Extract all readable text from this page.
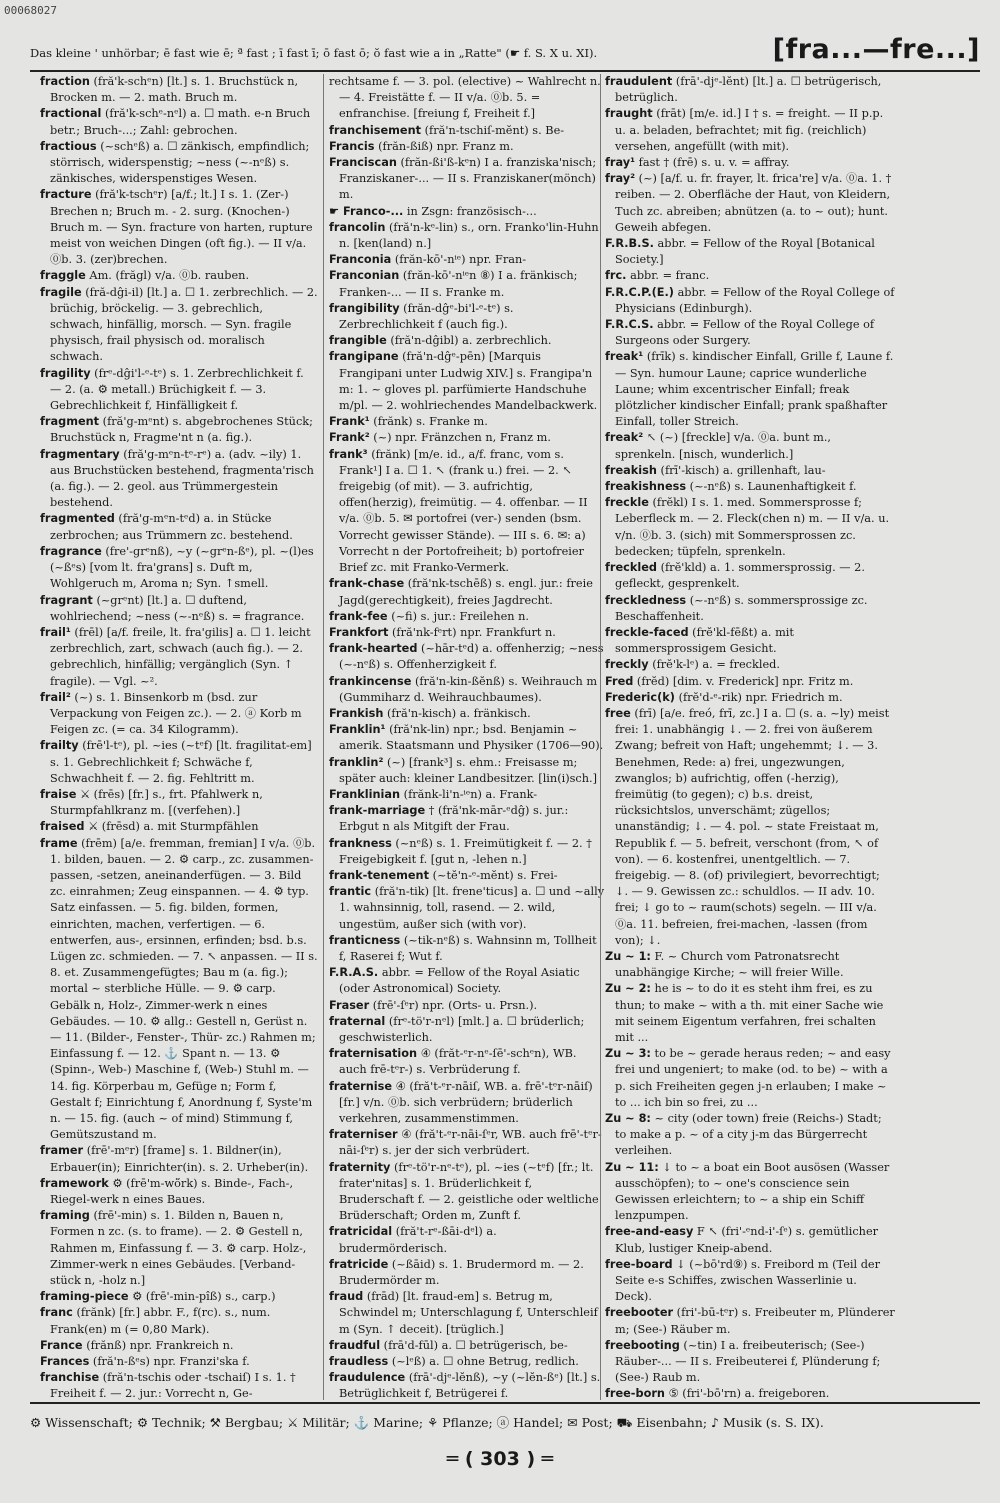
00068027
Das kleine ' unhörbar; ē fast wie ē; ª fast ; ī fast ī; ō fast ō; ŏ fast wie a in „Ratte" (☛ f. S. X u. XI).	[fra...—fre...]

fraction (fră'k-schᵉn) [lt.] s. 1. Bruchstück n, Brocken m. — 2. math. Bruch m.

fractional (fră'k-schᵉ-nᵉl) a. ☐ math. e-n Bruch betr.; Bruch-...; Zahl: gebrochen.

fractious (~schᵉß) a. ☐ zänkisch, empfindlich; störrisch, widerspenstig; ~ness (~-nᵉß) s. zänkisches, widerspenstiges Wesen.

fracture (fră'k-tschᵉr) [a/f.; lt.] I s. 1. (Zer-) Brechen n; Bruch m. - 2. surg. (Knochen-) Bruch m. — Syn. fracture von harten, rupture meist von weichen Dingen (oft fig.). — II v/a. ⓪b. 3. (zer)brechen.

fraggle Am. (frăgl) v/a. ⓪b. rauben.

fragile (fră-dĝi-il) [lt.] a. ☐ 1. zerbrechlich. — 2. brüchig, bröckelig. — 3. gebrechlich, schwach, hinfällig, morsch. — Syn. fragile physisch, frail physisch od. moralisch schwach.

fragility (frᵉ-dĝi'l-ᵉ-tᵉ) s. 1. Zerbrechlichkeit f. — 2. (a. ⚙ metall.) Brüchigkeit f. — 3. Gebrechlichkeit f, Hinfälligkeit f.

fragment (fră'g-mᵉnt) s. abgebrochenes Stück; Bruchstück n, Fragme'nt n (a. fig.).

fragmentary (fră'g-mᵉn-tᵉ-rᵉ) a. (adv. ~ily) 1. aus Bruchstücken bestehend, fragmenta'risch (a. fig.). — 2. geol. aus Trümmergestein bestehend.

fragmented (fră'g-mᵉn-tᵉd) a. in Stücke zerbrochen; aus Trümmern zc. bestehend.

fragrance (fre'-grᵉnß), ~y (~grᵉn-ßᵉ), pl. ~(l)es (~ßᵉs) [vom lt. fra'grans] s. Duft m, Wohlgeruch m, Aroma n; Syn. ↑smell.

fragrant (~grᵉnt) [lt.] a. ☐ duftend, wohlriechend; ~ness (~-nᵉß) s. = fragrance.

frail¹ (frēl) [a/f. freile, lt. fra'gilis] a. ☐ 1. leicht zerbrechlich, zart, schwach (auch fig.). — 2. gebrechlich, hinfällig; vergänglich (Syn. ↑ fragile). — Vgl. ~².

frail² (~) s. 1. Binsenkorb m (bsd. zur Verpackung von Feigen zc.). — 2. ⓐ Korb m Feigen zc. (= ca. 34 Kilogramm).

frailty (frē'l-tᵉ), pl. ~ies (~tᵉf) [lt. fragilitat-em] s. 1. Gebrechlichkeit f; Schwäche f, Schwachheit f. — 2. fig. Fehltritt m.

fraise ⚔ (frēs) [fr.] s., frt. Pfahlwerk n, Sturmpfahlkranz m. [(verfehen).]

fraised ⚔ (frēsd) a. mit Sturmpfählen

frame (frēm) [a/e. fremman, fremian] I v/a. ⓪b. 1. bilden, bauen. — 2. ⚙ carp., zc. zusammen-passen, -setzen, aneinanderfügen. — 3. Bild zc. einrahmen; Zeug einspannen. — 4. ⚙ typ. Satz einfassen. — 5. fig. bilden, formen, einrichten, machen, verfertigen. — 6. entwerfen, aus-, ersinnen, erfinden; bsd. b.s. Lügen zc. schmieden. — 7. ↖ anpassen. — II s. 8. et. Zusammengefügtes; Bau m (a. fig.); mortal ~ sterbliche Hülle. — 9. ⚙ carp. Gebälk n, Holz-, Zimmer-werk n eines Gebäudes. — 10. ⚙ allg.: Gestell n, Gerüst n. — 11. (Bilder-, Fenster-, Thür- zc.) Rahmen m; Einfassung f. — 12. ⚓ Spant n. — 13. ⚙ (Spinn-, Web-) Maschine f, (Web-) Stuhl m. — 14. fig. Körperbau m, Gefüge n; Form f, Gestalt f; Einrichtung f, Anordnung f, Syste'm n. — 15. fig. (auch ~ of mind) Stimmung f, Gemütszustand m.

framer (frē'-mᵉr) [frame] s. 1. Bildner(in), Erbauer(in); Einrichter(in). s. 2. Urheber(in).

framework ⚙ (frē'm-wö̆rk) s. Binde-, Fach-, Riegel-werk n eines Baues.

framing (frē'-min) s. 1. Bilden n, Bauen n, Formen n zc. (s. to frame). — 2. ⚙ Gestell n, Rahmen m, Einfassung f. — 3. ⚙ carp. Holz-, Zimmer-werk n eines Gebäudes. [Verband-stück n, -holz n.]

framing-piece ⚙ (frē'-min-pîß) s., carp.)

franc (frănk) [fr.] abbr. F., f(rc). s., num. Frank(en) m (= 0,80 Mark).

France (frănß) npr. Frankreich n.

Frances (fră'n-ßᵉs) npr. Franzi'ska f.

franchise (fră'n-tschis oder -tschaiſ) I s. 1. † Freiheit f. — 2. jur.: Vorrecht n, Ge-

rechtsame f. — 3. pol. (elective) ~ Wahlrecht n. — 4. Freistätte f. — II v/a. ⓪b. 5. = enfranchise. [freiung f, Freiheit f.]

franchisement (fră'n-tschiſ-mĕnt) s. Be-

Francis (frăn-ßiß) npr. Franz m.

Franciscan (frăn-ßi'ß-kᵉn) I a. franziska'nisch; Franziskaner-... — II s. Franziskaner(mönch) m.

☛ Franco-... in Zsgn: französisch-...

francolin (fră'n-kᵉ-lin) s., orn. Franko'lin-Huhn n. [ken(land) n.]

Franconia (frăn-kō'-nⁱᵉ) npr. Fran-

Franconian (frăn-kō'-nⁱᵉn ⑧) I a. fränkisch; Franken-... — II s. Franke m.

frangibility (frăn-dĝᵉ-bi'l-ᵉ-tᵉ) s. Zerbrechlichkeit f (auch fig.).

frangible (fră'n-dĝibl) a. zerbrechlich.

frangipane (fră'n-dĝᵉ-pēn) [Marquis Frangipani unter Ludwig XIV.] s. Frangipa'n m: 1. ~ gloves pl. parfümierte Handschuhe m/pl. — 2. wohlriechendes Mandelbackwerk.

Frank¹ (frănk) s. Franke m.

Frank² (~) npr. Fränzchen n, Franz m.

frank³ (frănk) [m/e. id., a/f. franc, vom s. Frank¹] I a. ☐ 1. ↖ (frank u.) frei. — 2. ↖ freigebig (of mit). — 3. aufrichtig, offen(herzig), freimütig. — 4. offenbar. — II v/a. ⓪b. 5. ✉ portofrei (ver-) senden (bsm. Vorrecht gewisser Stände). — III s. 6. ✉: a) Vorrecht n der Portofreiheit; b) portofreier Brief zc. mit Franko-Vermerk.

frank-chase (fră'nk-tschēß) s. engl. jur.: freie Jagd(gerechtigkeit), freies Jagdrecht.

frank-fee (~fi) s. jur.: Freilehen n.

Frankfort (fră'nk-fᵉrt) npr. Frankfurt n.

frank-hearted (~hār-tᵉd) a. offenherzig; ~ness (~-nᵉß) s. Offenherzigkeit f.

frankincense (fră'n-kin-ßĕnß) s. Weihrauch m (Gummiharz d. Weihrauchbaumes).

Frankish (fră'n-kisch) a. fränkisch.

Franklin¹ (fră'nk-lin) npr.; bsd. Benjamin ~ amerik. Staatsmann und Physiker (1706—90).

franklin² (~) [frank³] s. ehm.: Freisasse m; später auch: kleiner Landbesitzer. [lin(i)sch.]

Franklinian (frănk-li'n-ⁱᵉn) a. Frank-

frank-marriage † (fră'nk-mār-ᵉdĝ) s. jur.: Erbgut n als Mitgift der Frau.

frankness (~nᵉß) s. 1. Freimütigkeit f. — 2. † Freigebigkeit f. [gut n, -lehen n.]

frank-tenement (~tĕ'n-ᵉ-mĕnt) s. Frei-

frantic (fră'n-tik) [lt. frene'ticus] a. ☐ und ~ally 1. wahnsinnig, toll, rasend. — 2. wild, ungestüm, außer sich (with vor).

franticness (~tik-nᵉß) s. Wahnsinn m, Tollheit f, Raserei f; Wut f.

F.R.A.S. abbr. = Fellow of the Royal Asiatic (oder Astronomical) Society.

Fraser (frē'-ſᵉr) npr. (Orts- u. Prsn.).

fraternal (frᵉ-tö'r-nᵉl) [mlt.] a. ☐ brüderlich; geschwisterlich.

fraternisation ④ (frăt-ᵉr-nᵉ-ſē'-schᵉn), WB. auch frē-tᵉr-) s. Verbrüderung f.

fraternise ④ (fră't-ᵉr-nāiſ, WB. a. frē'-tᵉr-nāiſ) [fr.] v/n. ⓪b. sich verbrüdern; brüderlich verkehren, zusammenstimmen.

fraterniser ④ (fră't-ᵉr-nāi-ſᵉr, WB. auch frē'-tᵉr-nāi-ſᵉr) s. jer der sich verbrüdert.

fraternity (frᵉ-tö'r-nᵉ-tᵉ), pl. ~ies (~tᵉf) [fr.; lt. frater'nitas] s. 1. Brüderlichkeit f, Bruderschaft f. — 2. geistliche oder weltliche Brüderschaft; Orden m, Zunft f.

fratricidal (fră't-rᵉ-ßāi-dᵉl) a. brudermörderisch.

fratricide (~ßāid) s. 1. Brudermord m. — 2. Brudermörder m.

fraud (frād) [lt. fraud-em] s. Betrug m, Schwindel m; Unterschlagung f, Unterschleif m (Syn. ↑ deceit). [trüglich.]

fraudful (frā'd-fūl) a. ☐ betrügerisch, be-

fraudless (~lᵉß) a. ☐ ohne Betrug, redlich.

fraudulence (frā'-djᵉ-lĕnß), ~y (~lĕn-ßᵉ) [lt.] s. Betrüglichkeit f, Betrügerei f.

fraudulent (frā'-djᵉ-lĕnt) [lt.] a. ☐ betrügerisch, betrüglich.

fraught (frāt) [m/e. id.] I † s. = freight. — II p.p. u. a. beladen, befrachtet; mit fig. (reichlich) versehen, angefüllt (with mit).

fray¹ fast † (frē) s. u. v. = affray.

fray² (~) [a/f. u. fr. frayer, lt. frica're] v/a. ⓪a. 1. † reiben. — 2. Oberfläche der Haut, von Kleidern, Tuch zc. abreiben; abnützen (a. to ~ out); hunt. Geweih abfegen.

F.R.B.S. abbr. = Fellow of the Royal [Botanical Society.]

frc. abbr. = franc.

F.R.C.P.(E.) abbr. = Fellow of the Royal College of Physicians (Edinburgh).

F.R.C.S. abbr. = Fellow of the Royal College of Surgeons oder Surgery.

freak¹ (frīk) s. kindischer Einfall, Grille f, Laune f. — Syn. humour Laune; caprice wunderliche Laune; whim excentrischer Einfall; freak plötzlicher kindischer Einfall; prank spaßhafter Einfall, toller Streich.

freak² ↖ (~) [freckle] v/a. ⓪a. bunt m., sprenkeln. [nisch, wunderlich.]

freakish (frī'-kisch) a. grillenhaft, lau-

freakishness (~-nᵉß) s. Launenhaftigkeit f.

freckle (frĕkl) I s. 1. med. Sommersprosse f; Leberfleck m. — 2. Fleck(chen n) m. — II v/a. u. v/n. ⓪b. 3. (sich) mit Sommersprossen zc. bedecken; tüpfeln, sprenkeln.

freckled (frĕ'kld) a. 1. sommersprossig. — 2. gefleckt, gesprenkelt.

freckledness (~-nᵉß) s. sommersprossige zc. Beschaffenheit.

freckle-faced (frĕ'kl-fēßt) a. mit sommersprossigem Gesicht.

freckly (frĕ'k-lᵉ) a. = freckled.

Fred (frĕd) [dim. v. Frederick] npr. Fritz m.

Frederic(k) (frĕ'd-ᵉ-rik) npr. Friedrich m.

free (frī) [a/e. freó, frī, zc.] I a. ☐ (s. a. ~ly) meist frei: 1. unabhängig ↓. — 2. frei von äußerem Zwang; befreit von Haft; ungehemmt; ↓. — 3. Benehmen, Rede: a) frei, ungezwungen, zwanglos; b) aufrichtig, offen (-herzig), freimütig (to gegen); c) b.s. dreist, rücksichtslos, unverschämt; zügellos; unanständig; ↓. — 4. pol. ~ state Freistaat m, Republik f. — 5. befreit, verschont (from, ↖ of von). — 6. kostenfrei, unentgeltlich. — 7. freigebig. — 8. (of) privilegiert, bevorrechtigt; ↓. — 9. Gewissen zc.: schuldlos. — II adv. 10. frei; ↓ go to ~ raum(schots) segeln. — III v/a. ⓪a. 11. befreien, frei-machen, -lassen (from von); ↓.

Zu ~ 1: F. ~ Church vom Patronatsrecht unabhängige Kirche; ~ will freier Wille.

Zu ~ 2: he is ~ to do it es steht ihm frei, es zu thun; to make ~ with a th. mit einer Sache wie mit seinem Eigentum verfahren, frei schalten mit ...

Zu ~ 3: to be ~ gerade heraus reden; ~ and easy frei und ungeniert; to make (od. to be) ~ with a p. sich Freiheiten gegen j-n erlauben; I make ~ to ... ich bin so frei, zu ...

Zu ~ 8: ~ city (oder town) freie (Reichs-) Stadt; to make a p. ~ of a city j-m das Bürgerrecht verleihen.

Zu ~ 11: ↓ to ~ a boat ein Boot ausösen (Wasser ausschöpfen); to ~ one's conscience sein Gewissen erleichtern; to ~ a ship ein Schiff lenzpumpen.

free-and-easy F ↖ (fri'-ᵉnd-i'-ſᵉ) s. gemütlicher Klub, lustiger Kneip-abend.

free-board ↓ (~bō'rd⑨) s. Freibord m (Teil der Seite e-s Schiffes, zwischen Wasserlinie u. Deck).

freebooter (fri'-bū-tᵉr) s. Freibeuter m, Plünderer m; (See-) Räuber m.

freebooting (~tin) I a. freibeuterisch; (See-) Räuber-... — II s. Freibeuterei f, Plünderung f; (See-) Raub m.

free-born ⑤ (fri'-bō'rn) a. freigeboren.

⚙ Wissenschaft; ⚙ Technik; ⚒ Bergbau; ⚔ Militär; ⚓ Marine; ⚘ Pflanze; ⓐ Handel; ✉ Post; ⛟ Eisenbahn; ♪ Musik (s. S. IX).
═ ( 303 ) ═
